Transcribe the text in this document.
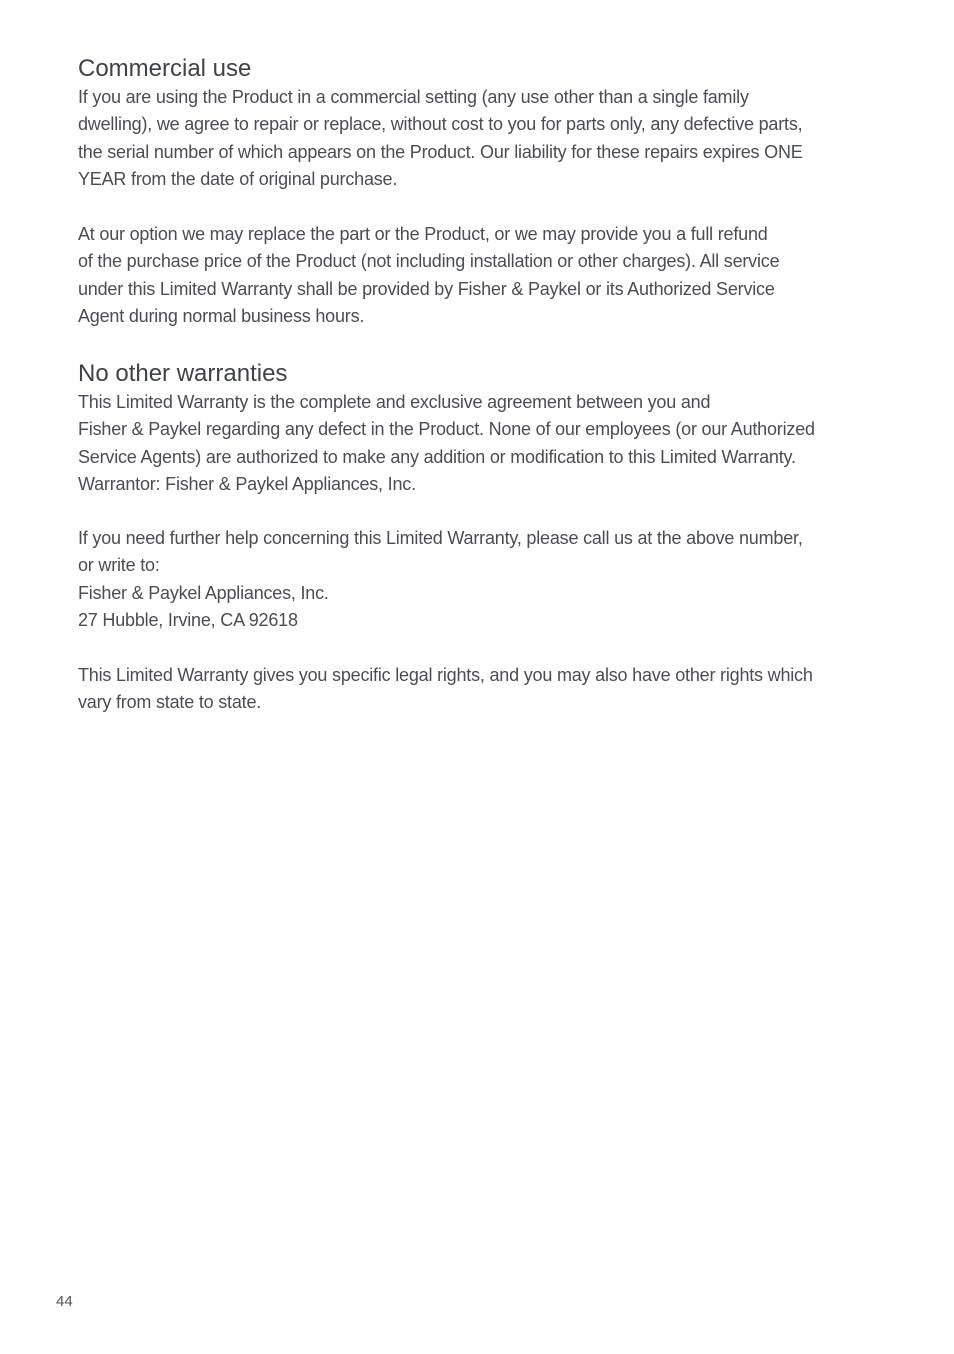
Commercial use
If you are using the Product in a commercial setting (any use other than a single family
dwelling), we agree to repair or replace, without cost to you for parts only, any defective parts,
the serial number of which appears on the Product. Our liability for these repairs expires ONE
YEAR from the date of original purchase.
At our option we may replace the part or the Product, or we may provide you a full refund
of the purchase price of the Product (not including installation or other charges). All service
under this Limited Warranty shall be provided by Fisher & Paykel or its Authorized Service
Agent during normal business hours.
No other warranties
This Limited Warranty is the complete and exclusive agreement between you and
Fisher & Paykel regarding any defect in the Product. None of our employees (or our Authorized
Service Agents) are authorized to make any addition or modification to this Limited Warranty.
Warrantor: Fisher & Paykel Appliances, Inc.
If you need further help concerning this Limited Warranty, please call us at the above number,
or write to:
Fisher & Paykel Appliances, Inc.
27 Hubble, Irvine, CA 92618
This Limited Warranty gives you specific legal rights, and you may also have other rights which
vary from state to state.
44
